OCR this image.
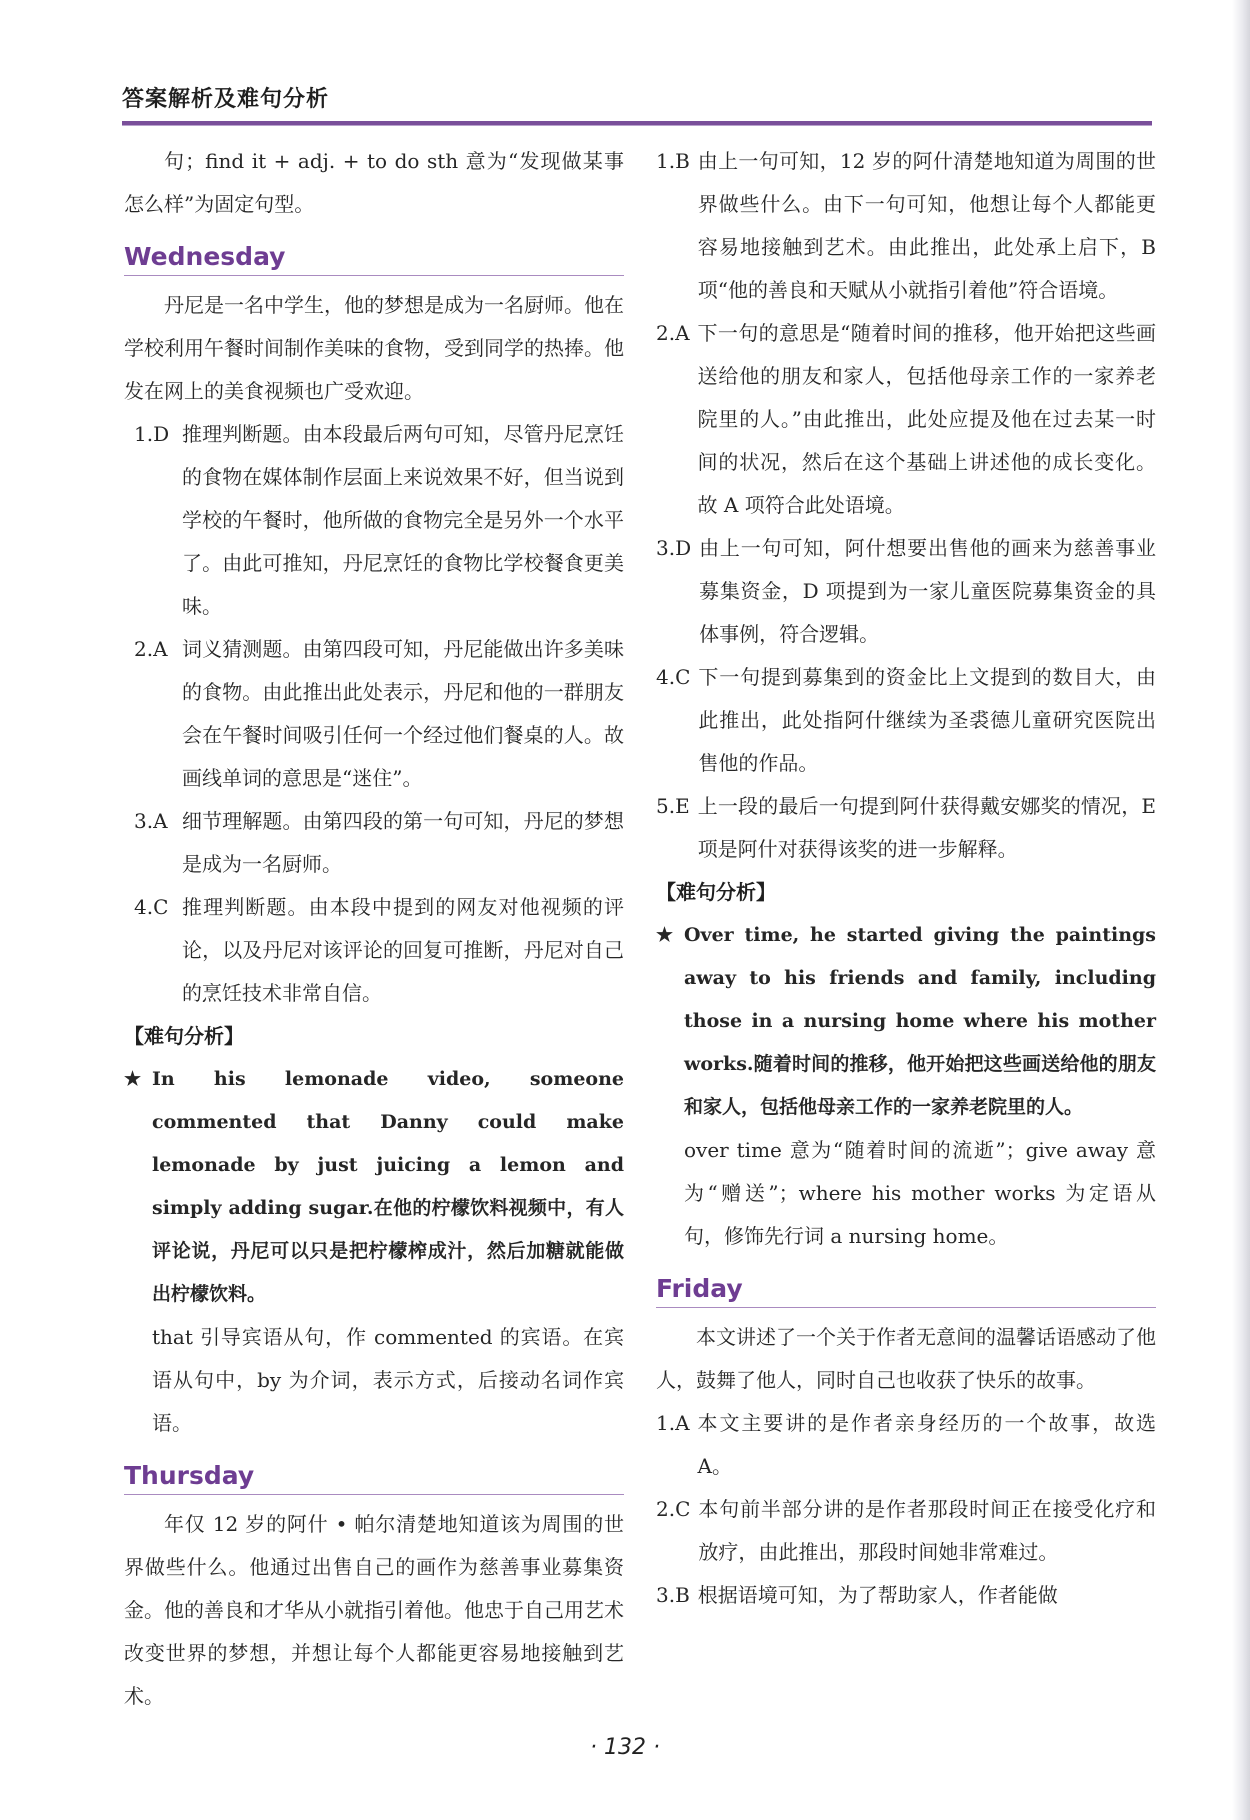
答案解析及难句分析

句；find it + adj. + to do sth 意为“发现做某事怎么样”为固定句型。

Wednesday

丹尼是一名中学生，他的梦想是成为一名厨师。他在学校利用午餐时间制作美味的食物，受到同学的热捧。他发在网上的美食视频也广受欢迎。

1.D 推理判断题。由本段最后两句可知，尽管丹尼烹饪的食物在媒体制作层面上来说效果不好，但当说到学校的午餐时，他所做的食物完全是另外一个水平了。由此可推知，丹尼烹饪的食物比学校餐食更美味。
2.A 词义猜测题。由第四段可知，丹尼能做出许多美味的食物。由此推出此处表示，丹尼和他的一群朋友会在午餐时间吸引任何一个经过他们餐桌的人。故画线单词的意思是“迷住”。
3.A 细节理解题。由第四段的第一句可知，丹尼的梦想是成为一名厨师。
4.C 推理判断题。由本段中提到的网友对他视频的评论，以及丹尼对该评论的回复可推断，丹尼对自己的烹饪技术非常自信。
【难句分析】
★ In his lemonade video, someone commented that Danny could make lemonade by just juicing a lemon and simply adding sugar.在他的柠檬饮料视频中，有人评论说，丹尼可以只是把柠檬榨成汁，然后加糖就能做出柠檬饮料。

that 引导宾语从句，作 commented 的宾语。在宾语从句中，by 为介词，表示方式，后接动名词作宾语。

Thursday

年仅 12 岁的阿什 • 帕尔清楚地知道该为周围的世界做些什么。他通过出售自己的画作为慈善事业募集资金。他的善良和才华从小就指引着他。他忠于自己用艺术改变世界的梦想，并想让每个人都能更容易地接触到艺术。

1.B 由上一句可知，12 岁的阿什清楚地知道为周围的世界做些什么。由下一句可知，他想让每个人都能更容易地接触到艺术。由此推出，此处承上启下，B 项“他的善良和天赋从小就指引着他”符合语境。
2.A 下一句的意思是“随着时间的推移，他开始把这些画送给他的朋友和家人，包括他母亲工作的一家养老院里的人。”由此推出，此处应提及他在过去某一时间的状况，然后在这个基础上讲述他的成长变化。故 A 项符合此处语境。
3.D 由上一句可知，阿什想要出售他的画来为慈善事业募集资金，D 项提到为一家儿童医院募集资金的具体事例，符合逻辑。
4.C 下一句提到募集到的资金比上文提到的数目大，由此推出，此处指阿什继续为圣裘德儿童研究医院出售他的作品。
5.E 上一段的最后一句提到阿什获得戴安娜奖的情况，E 项是阿什对获得该奖的进一步解释。
【难句分析】
★ Over time, he started giving the paintings away to his friends and family, including those in a nursing home where his mother works.随着时间的推移，他开始把这些画送给他的朋友和家人，包括他母亲工作的一家养老院里的人。

over time 意为“随着时间的流逝”；give away 意为“赠送”；where his mother works 为定语从句，修饰先行词 a nursing home。

Friday

本文讲述了一个关于作者无意间的温馨话语感动了他人，鼓舞了他人，同时自己也收获了快乐的故事。

1.A 本文主要讲的是作者亲身经历的一个故事，故选 A。
2.C 本句前半部分讲的是作者那段时间正在接受化疗和放疗，由此推出，那段时间她非常难过。
3.B 根据语境可知，为了帮助家人，作者能做
· 132 ·
